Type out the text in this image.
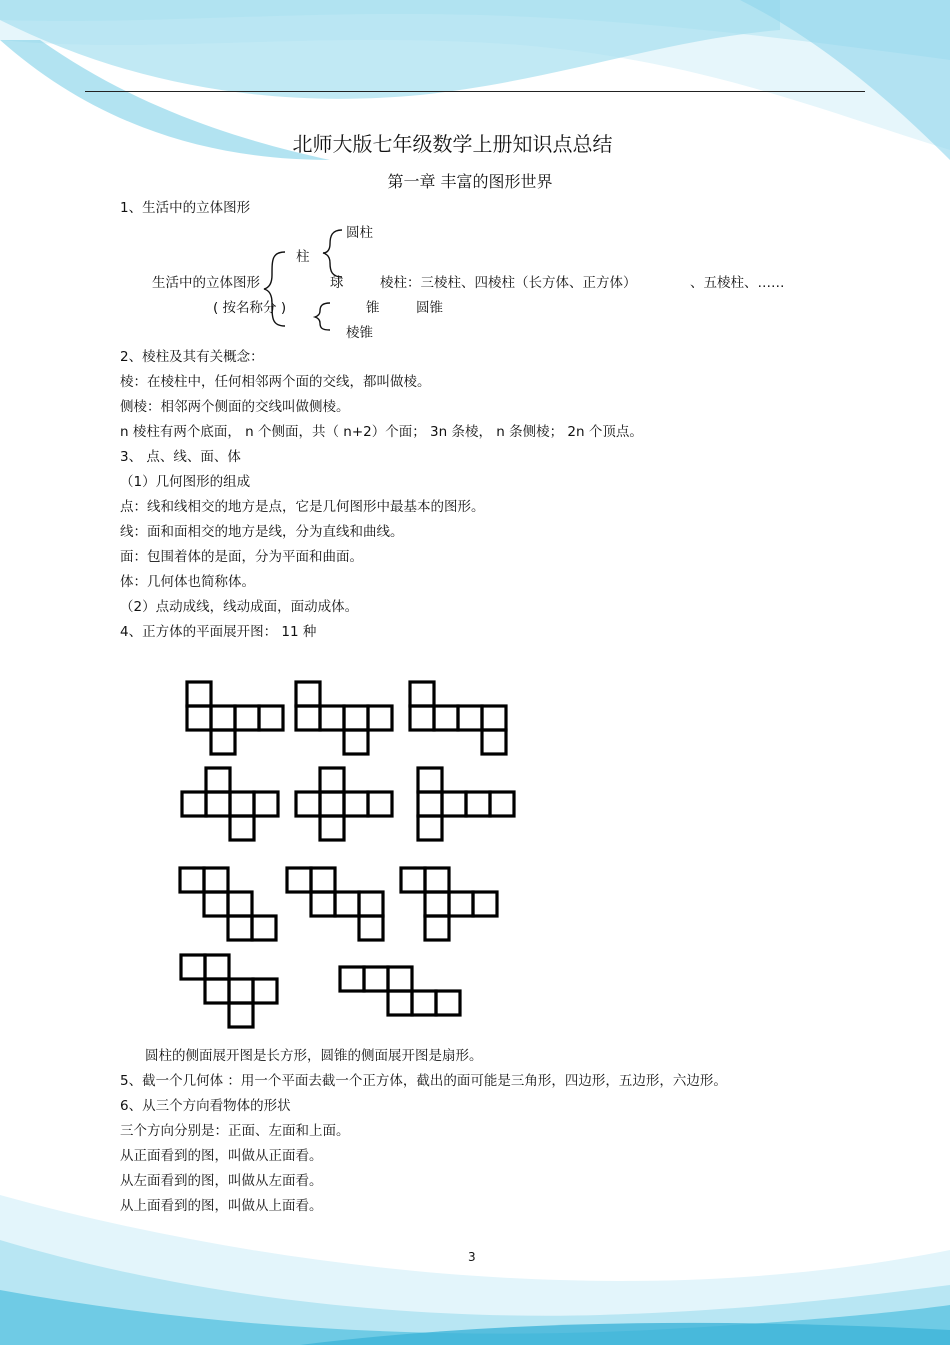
北师大版七年级数学上册知识点总结
第一章 丰富的图形世界
1、生活中的立体图形
圆柱
柱
生活中的立体图形	球	棱柱：三棱柱、四棱柱（长方体、正方体）	、五棱柱、……
( 按名称分 )	锥	圆锥
棱锥
2、棱柱及其有关概念：
棱：在棱柱中，任何相邻两个面的交线，都叫做棱。
侧棱：相邻两个侧面的交线叫做侧棱。
n 棱柱有两个底面， n 个侧面，共（ n+2）个面； 3n 条棱， n 条侧棱； 2n 个顶点。
3、 点、线、面、体
（1）几何图形的组成
点：线和线相交的地方是点，它是几何图形中最基本的图形。
线：面和面相交的地方是线，分为直线和曲线。
面：包围着体的是面，分为平面和曲面。
体：几何体也简称体。
（2）点动成线，线动成面，面动成体。
4、正方体的平面展开图： 11 种
圆柱的侧面展开图是长方形，圆锥的侧面展开图是扇形。
5、截一个几何体 ：用一个平面去截一个正方体，截出的面可能是三角形，四边形，五边形，六边形。
6、从三个方向看物体的形状
三个方向分别是：正面、左面和上面。
从正面看到的图，叫做从正面看。
从左面看到的图，叫做从左面看。
从上面看到的图，叫做从上面看。
3
